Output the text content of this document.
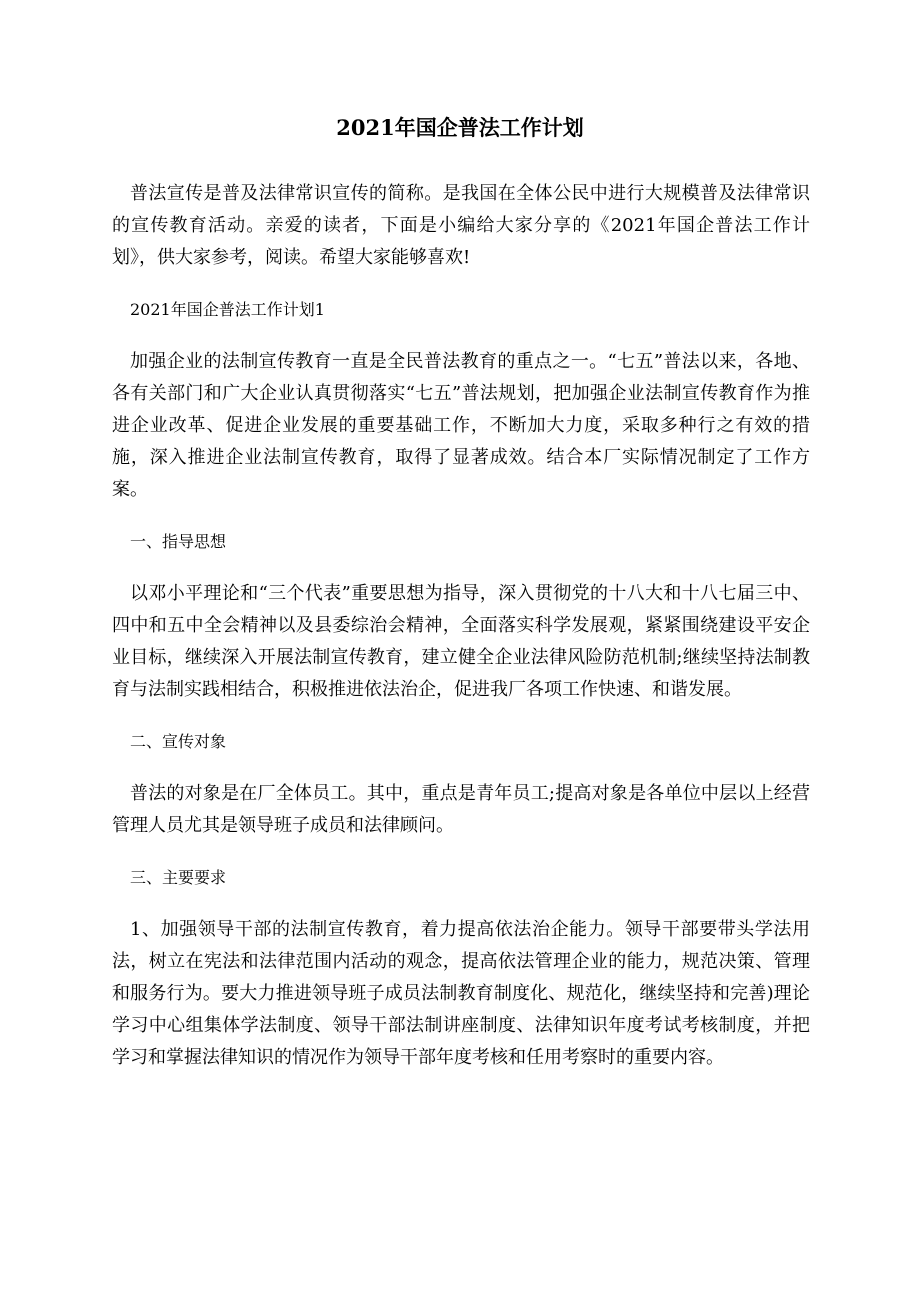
2021年国企普法工作计划

普法宣传是普及法律常识宣传的简称。是我国在全体公民中进行大规模普及法律常识的宣传教育活动。亲爱的读者，下面是小编给大家分享的《2021年国企普法工作计划》，供大家参考，阅读。希望大家能够喜欢!

2021年国企普法工作计划1

加强企业的法制宣传教育一直是全民普法教育的重点之一。“七五”普法以来，各地、各有关部门和广大企业认真贯彻落实“七五”普法规划，把加强企业法制宣传教育作为推进企业改革、促进企业发展的重要基础工作，不断加大力度，采取多种行之有效的措施，深入推进企业法制宣传教育，取得了显著成效。结合本厂实际情况制定了工作方案。

一、指导思想

以邓小平理论和“三个代表”重要思想为指导，深入贯彻党的十八大和十八七届三中、四中和五中全会精神以及县委综治会精神，全面落实科学发展观，紧紧围绕建设平安企业目标，继续深入开展法制宣传教育，建立健全企业法律风险防范机制;继续坚持法制教育与法制实践相结合，积极推进依法治企，促进我厂各项工作快速、和谐发展。

二、宣传对象

普法的对象是在厂全体员工。其中，重点是青年员工;提高对象是各单位中层以上经营管理人员尤其是领导班子成员和法律顾问。

三、主要要求

1、加强领导干部的法制宣传教育，着力提高依法治企能力。领导干部要带头学法用法，树立在宪法和法律范围内活动的观念，提高依法管理企业的能力，规范决策、管理和服务行为。要大力推进领导班子成员法制教育制度化、规范化，继续坚持和完善)理论学习中心组集体学法制度、领导干部法制讲座制度、法律知识年度考试考核制度，并把学习和掌握法律知识的情况作为领导干部年度考核和任用考察时的重要内容。
